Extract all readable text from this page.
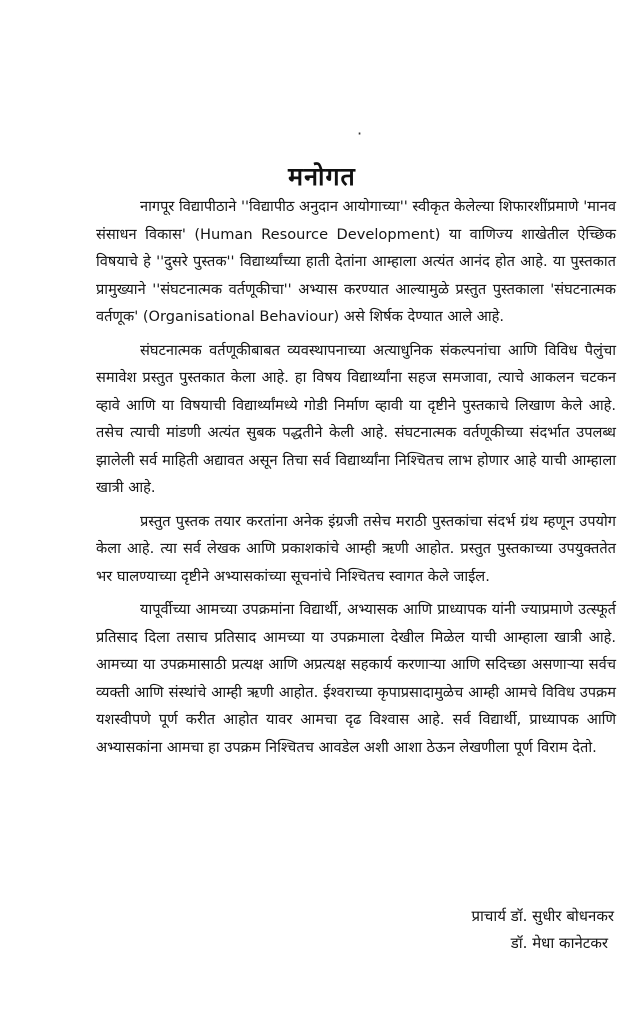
·
मनोगत

नागपूर विद्यापीठाने ''विद्यापीठ अनुदान आयोगाच्या'' स्वीकृत केलेल्या शिफारशींप्रमाणे 'मानव संसाधन विकास' (Human Resource Development) या वाणिज्य शाखेतील ऐच्छिक विषयाचे हे ''दुसरे पुस्तक'' विद्यार्थ्यांच्या हाती देतांना आम्हाला अत्यंत आनंद होत आहे. या पुस्तकात प्रामुख्याने ''संघटनात्मक वर्तणूकीचा'' अभ्यास करण्यात आल्यामुळे प्रस्तुत पुस्तकाला 'संघटनात्मक वर्तणूक' (Organisational Behaviour) असे शिर्षक देण्यात आले आहे.

संघटनात्मक वर्तणूकीबाबत व्यवस्थापनाच्या अत्याधुनिक संकल्पनांचा आणि विविध पैलुंचा समावेश प्रस्तुत पुस्तकात केला आहे. हा विषय विद्यार्थ्यांना सहज समजावा, त्याचे आकलन चटकन व्हावे आणि या विषयाची विद्यार्थ्यांमध्ये गोडी निर्माण व्हावी या दृष्टीने पुस्तकाचे लिखाण केले आहे. तसेच त्याची मांडणी अत्यंत सुबक पद्धतीने केली आहे. संघटनात्मक वर्तणूकीच्या संदर्भात उपलब्ध झालेली सर्व माहिती अद्यावत असून तिचा सर्व विद्यार्थ्यांना निश्चितच लाभ होणार आहे याची आम्हाला खात्री आहे.

प्रस्तुत पुस्तक तयार करतांना अनेक इंग्रजी तसेच मराठी पुस्तकांचा संदर्भ ग्रंथ म्हणून उपयोग केला आहे. त्या सर्व लेखक आणि प्रकाशकांचे आम्ही ऋणी आहोत. प्रस्तुत पुस्तकाच्या उपयुक्ततेत भर घालण्याच्या दृष्टीने अभ्यासकांच्या सूचनांचे निश्चितच स्वागत केले जाईल.

यापूर्वीच्या आमच्या उपक्रमांना विद्यार्थी, अभ्यासक आणि प्राध्यापक यांनी ज्याप्रमाणे उत्स्फूर्त प्रतिसाद दिला तसाच प्रतिसाद आमच्या या उपक्रमाला देखील मिळेल याची आम्हाला खात्री आहे. आमच्या या उपक्रमासाठी प्रत्यक्ष आणि अप्रत्यक्ष सहकार्य करणाऱ्या आणि सदिच्छा असणाऱ्या सर्वच व्यक्ती आणि संस्थांचे आम्ही ऋणी आहोत. ईश्वराच्या कृपाप्रसादामुळेच आम्ही आमचे विविध उपक्रम यशस्वीपणे पूर्ण करीत आहोत यावर आमचा दृढ विश्वास आहे. सर्व विद्यार्थी, प्राध्यापक आणि अभ्यासकांना आमचा हा उपक्रम निश्चितच आवडेल अशी आशा ठेऊन लेखणीला पूर्ण विराम देतो.

प्राचार्य डॉ. सुधीर बोधनकर
डॉ. मेधा कानेटकर
